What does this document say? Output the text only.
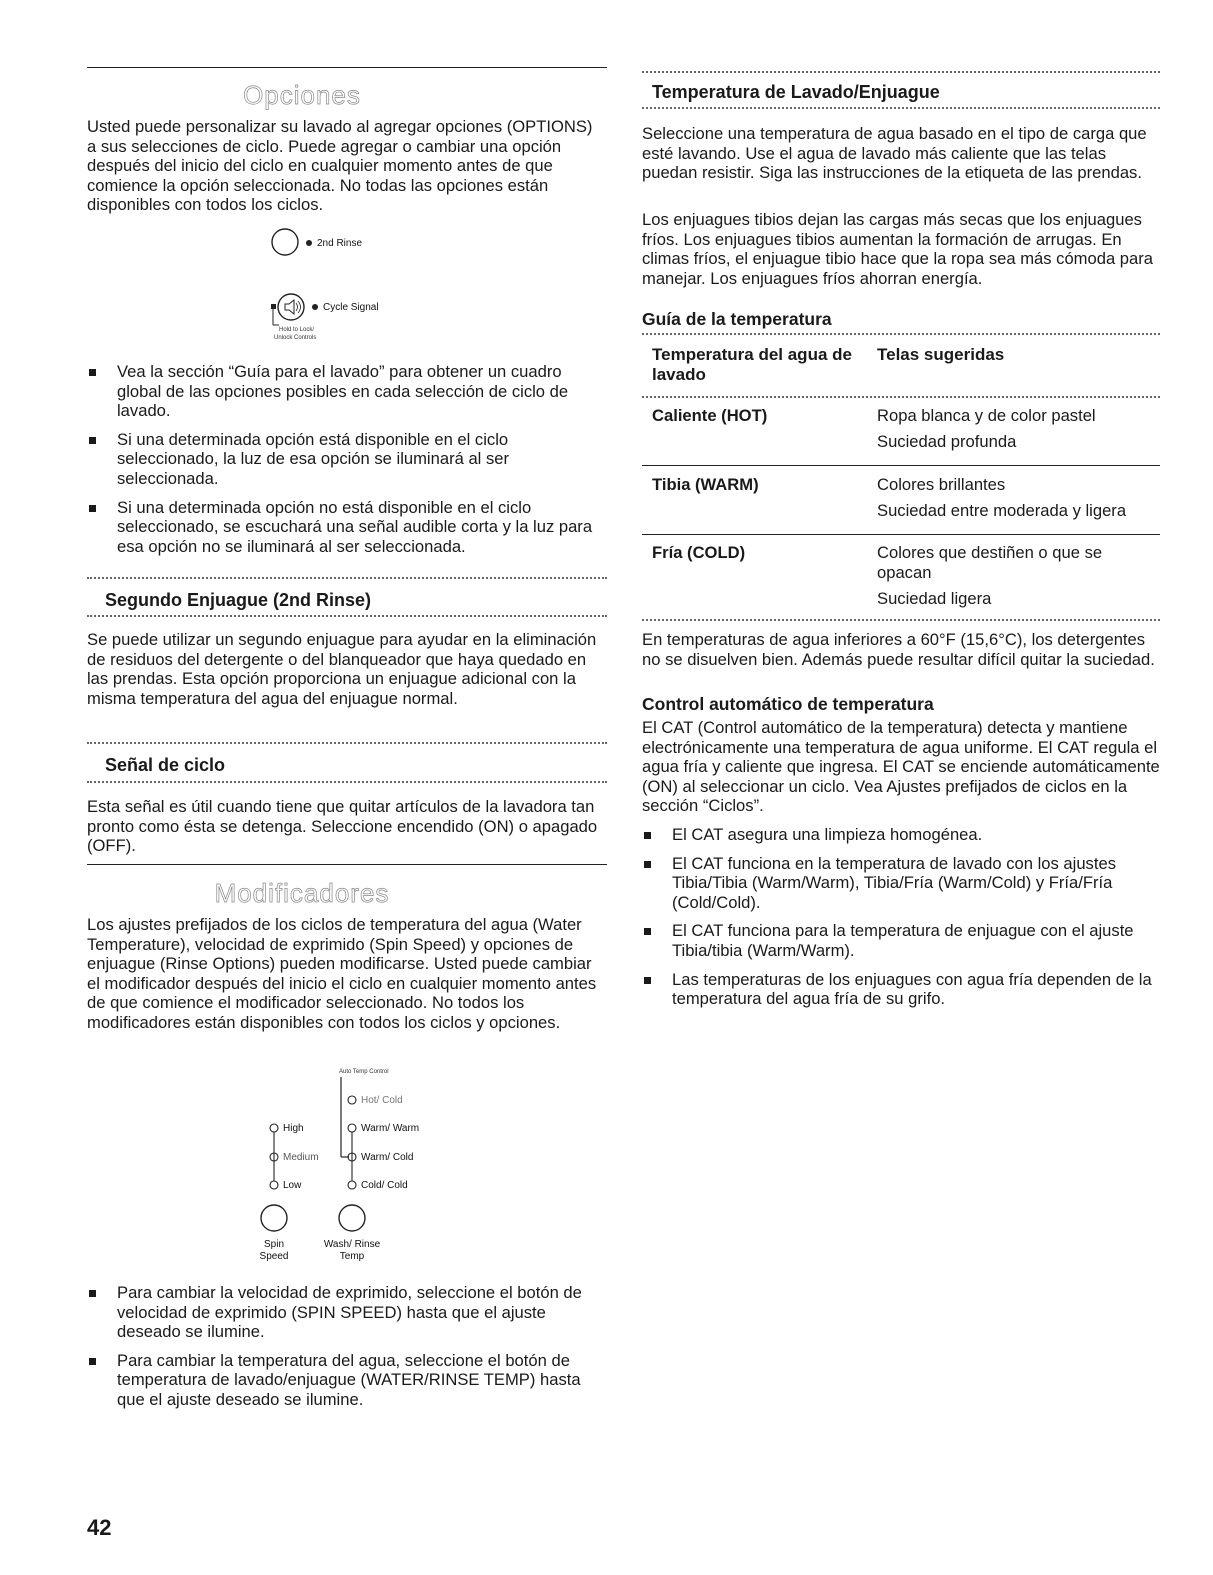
Opciones

Usted puede personalizar su lavado al agregar opciones (OPTIONS) a sus selecciones de ciclo. Puede agregar o cambiar una opción después del inicio del ciclo en cualquier momento antes de que comience la opción seleccionada. No todas las opciones están disponibles con todos los ciclos.

2nd Rinse
Cycle Signal
Hold to Lock/
Unlock Controls
Vea la sección “Guía para el lavado” para obtener un cuadro global de las opciones posibles en cada selección de ciclo de lavado.
Si una determinada opción está disponible en el ciclo seleccionado, la luz de esa opción se iluminará al ser seleccionada.
Si una determinada opción no está disponible en el ciclo seleccionado, se escuchará una señal audible corta y la luz para esa opción no se iluminará al ser seleccionada.
Segundo Enjuague (2nd Rinse)

Se puede utilizar un segundo enjuague para ayudar en la eliminación de residuos del detergente o del blanqueador que haya quedado en las prendas. Esta opción proporciona un enjuague adicional con la misma temperatura del agua del enjuague normal.

Señal de ciclo

Esta señal es útil cuando tiene que quitar artículos de la lavadora tan pronto como ésta se detenga. Seleccione encendido (ON) o apagado (OFF).

Modificadores

Los ajustes prefijados de los ciclos de temperatura del agua (Water Temperature), velocidad de exprimido (Spin Speed) y opciones de enjuague (Rinse Options) pueden modificarse. Usted puede cambiar el modificador después del inicio el ciclo en cualquier momento antes de que comience el modificador seleccionado. No todos los modificadores están disponibles con todos los ciclos y opciones.

Auto Temp Control
Hot/ Cold
Warm/ Warm
Warm/ Cold
Cold/ Cold
High
Medium
Low
Spin
Speed
Wash/ Rinse
Temp
Para cambiar la velocidad de exprimido, seleccione el botón de velocidad de exprimido (SPIN SPEED) hasta que el ajuste deseado se ilumine.
Para cambiar la temperatura del agua, seleccione el botón de temperatura de lavado/enjuague (WATER/RINSE TEMP) hasta que el ajuste deseado se ilumine.
Temperatura de Lavado/Enjuague

Seleccione una temperatura de agua basado en el tipo de carga que esté lavando. Use el agua de lavado más caliente que las telas puedan resistir. Siga las instrucciones de la etiqueta de las prendas.

Los enjuagues tibios dejan las cargas más secas que los enjuagues fríos. Los enjuagues tibios aumentan la formación de arrugas. En climas fríos, el enjuague tibio hace que la ropa sea más cómoda para manejar. Los enjuagues fríos ahorran energía.

Guía de la temperatura
Temperatura del agua de lavado
Telas sugeridas
Caliente (HOT)	Ropa blanca y de color pastel
Suciedad profunda
Tibia (WARM)	Colores brillantes
Suciedad entre moderada y ligera
Fría (COLD)	Colores que destiñen o que se opacan
Suciedad ligera

En temperaturas de agua inferiores a 60°F (15,6°C), los detergentes no se disuelven bien. Además puede resultar difícil quitar la suciedad.

Control automático de temperatura

El CAT (Control automático de la temperatura) detecta y mantiene electrónicamente una temperatura de agua uniforme. El CAT regula el agua fría y caliente que ingresa. El CAT se enciende automáticamente (ON) al seleccionar un ciclo. Vea Ajustes prefijados de ciclos en la sección “Ciclos”.

El CAT asegura una limpieza homogénea.
El CAT funciona en la temperatura de lavado con los ajustes Tibia/Tibia (Warm/Warm), Tibia/Fría (Warm/Cold) y Fría/Fría (Cold/Cold).
El CAT funciona para la temperatura de enjuague con el ajuste Tibia/tibia (Warm/Warm).
Las temperaturas de los enjuagues con agua fría dependen de la temperatura del agua fría de su grifo.
42
